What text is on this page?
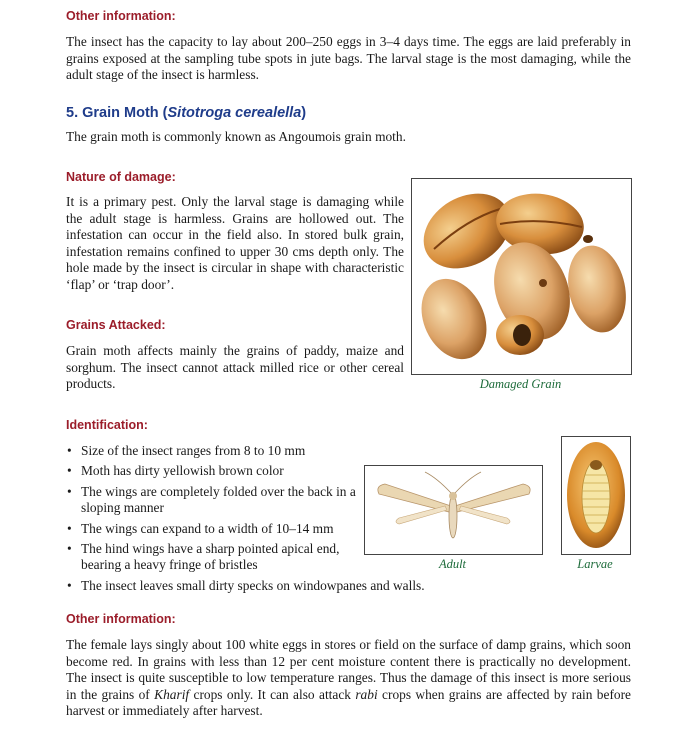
Other information:

The insect has the capacity to lay about 200–250 eggs in 3–4 days time. The eggs are laid preferably in grains exposed at the sampling tube spots in jute bags. The larval stage is the most damaging, while the adult stage of the insect is harmless.

5. Grain Moth (Sitotroga cerealella)

The grain moth is commonly known as Angoumois grain moth.

Nature of damage:

It is a primary pest. Only the larval stage is damaging while the adult stage is harmless. Grains are hollowed out. The infestation can occur in the field also. In stored bulk grain, infestation remains confined to upper 30 cms depth only. The hole made by the insect is circular in shape with characteristic ‘flap’ or ‘trap door’.

Grains Attacked:

Grain moth affects mainly the grains of paddy, maize and sorghum. The insect cannot attack milled rice or other cereal products.	Damaged Grain
Identification:
• Size of the insect ranges from 8 to 10 mm
• Moth has dirty yellowish brown color
• The wings are completely folded over the back in a sloping manner
• The wings can expand to a width of 10–14 mm
• The hind wings have a sharp pointed apical end, bearing a heavy fringe of bristles
• The insect leaves small dirty specks on windowpanes and walls.
Adult	Larvae
Other information:

The female lays singly about 100 white eggs in stores or field on the surface of damp grains, which soon become red. In grains with less than 12 per cent moisture content there is practically no development. The insect is quite susceptible to low temperature ranges. Thus the damage of this insect is more serious in the grains of Kharif crops only. It can also attack rabi crops when grains are affected by rain before harvest or immediately after harvest.
